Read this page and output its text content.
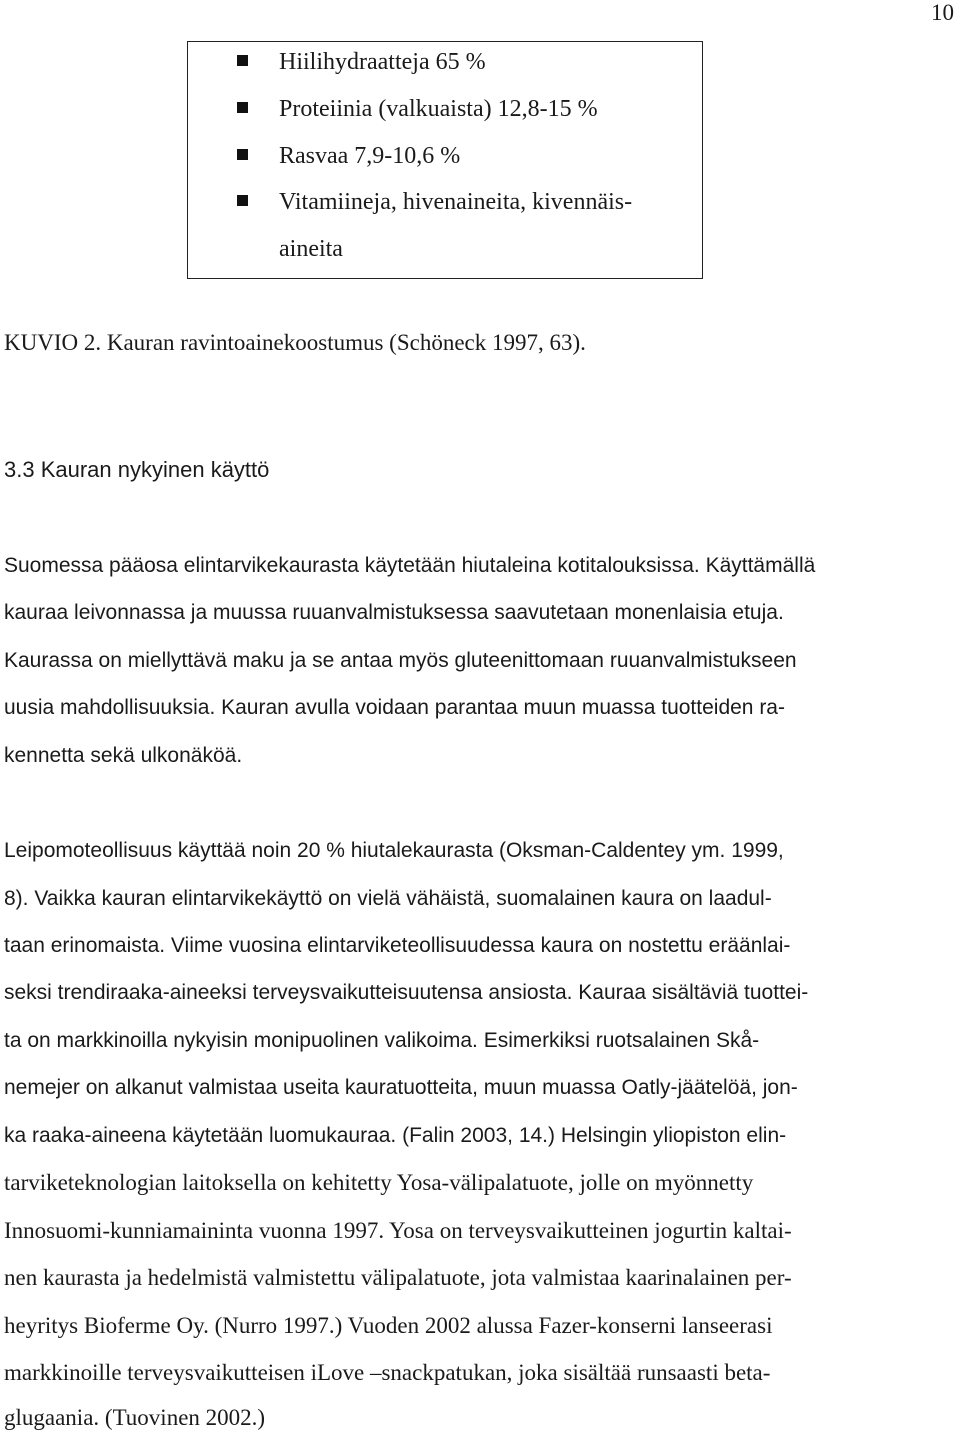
10
Hiilihydraatteja 65 %
Proteiinia (valkuaista) 12,8-15 %
Rasvaa 7,9-10,6 %
Vitamiineja, hivenaineita, kivennäis-
aineita
KUVIO 2. Kauran ravintoainekoostumus (Schöneck 1997, 63).
3.3 Kauran nykyinen käyttö
Suomessa pääosa elintarvikekaurasta käytetään hiutaleina kotitalouksissa. Käyttämällä
kauraa leivonnassa ja muussa ruuanvalmistuksessa saavutetaan monenlaisia etuja.
Kaurassa on miellyttävä maku ja se antaa myös gluteenittomaan ruuanvalmistukseen
uusia mahdollisuuksia. Kauran avulla voidaan parantaa muun muassa tuotteiden ra-
kennetta sekä ulkonäköä.
Leipomoteollisuus käyttää noin 20 % hiutalekaurasta (Oksman-Caldentey ym. 1999,
8). Vaikka kauran elintarvikekäyttö on vielä vähäistä, suomalainen kaura on laadul-
taan erinomaista. Viime vuosina elintarviketeollisuudessa kaura on nostettu eräänlai-
seksi trendiraaka-aineeksi terveysvaikutteisuutensa ansiosta. Kauraa sisältäviä tuottei-
ta on markkinoilla nykyisin monipuolinen valikoima. Esimerkiksi ruotsalainen Skå-
nemejer on alkanut valmistaa useita kauratuotteita, muun muassa Oatly-jäätelöä, jon-
ka raaka-aineena käytetään luomukauraa. (Falin 2003, 14.) Helsingin yliopiston elin-
tarviketeknologian laitoksella on kehitetty Yosa-välipalatuote, jolle on myönnetty
Innosuomi-kunniamaininta vuonna 1997. Yosa on terveysvaikutteinen jogurtin kaltai-
nen kaurasta ja hedelmistä valmistettu välipalatuote, jota valmistaa kaarinalainen per-
heyritys Bioferme Oy. (Nurro 1997.) Vuoden 2002 alussa Fazer-konserni lanseerasi
markkinoille terveysvaikutteisen iLove –snackpatukan, joka sisältää runsaasti beta-
glugaania. (Tuovinen 2002.)
